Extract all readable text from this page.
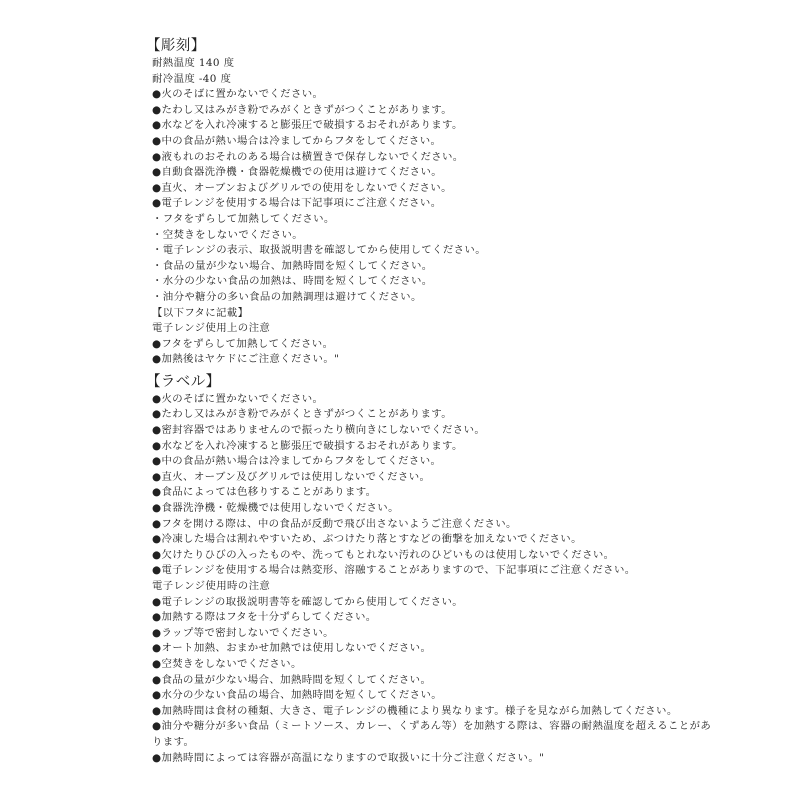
【彫刻】
耐熱温度 140 度
耐冷温度 -40 度
●火のそばに置かないでください。
●たわし又はみがき粉でみがくときずがつくことがあります。
●水などを入れ冷凍すると膨張圧で破損するおそれがあります。
●中の食品が熱い場合は冷ましてからフタをしてください。
●液もれのおそれのある場合は横置きで保存しないでください。
●自動食器洗浄機・食器乾燥機での使用は避けてください。
●直火、オーブンおよびグリルでの使用をしないでください。
●電子レンジを使用する場合は下記事項にご注意ください。
・フタをずらして加熱してください。
・空焚きをしないでください。
・電子レンジの表示、取扱説明書を確認してから使用してください。
・食品の量が少ない場合、加熱時間を短くしてください。
・水分の少ない食品の加熱は、時間を短くしてください。
・油分や糖分の多い食品の加熱調理は避けてください。
【以下フタに記載】
電子レンジ使用上の注意
●フタをずらして加熱してください。
●加熱後はヤケドにご注意ください。"
【ラベル】
●火のそばに置かないでください。
●たわし又はみがき粉でみがくときずがつくことがあります。
●密封容器ではありませんので振ったり横向きにしないでください。
●水などを入れ冷凍すると膨張圧で破損するおそれがあります。
●中の食品が熱い場合は冷ましてからフタをしてください。
●直火、オーブン及びグリルでは使用しないでください。
●食品によっては色移りすることがあります。
●食器洗浄機・乾燥機では使用しないでください。
●フタを開ける際は、中の食品が反動で飛び出さないようご注意ください。
●冷凍した場合は割れやすいため、ぶつけたり落とすなどの衝撃を加えないでください。
●欠けたりひびの入ったものや、洗ってもとれない汚れのひどいものは使用しないでください。
●電子レンジを使用する場合は熱変形、溶融することがありますので、下記事項にご注意ください。
電子レンジ使用時の注意
●電子レンジの取扱説明書等を確認してから使用してください。
●加熱する際はフタを十分ずらしてください。
●ラップ等で密封しないでください。
●オート加熱、おまかせ加熱では使用しないでください。
●空焚きをしないでください。
●食品の量が少ない場合、加熱時間を短くしてください。
●水分の少ない食品の場合、加熱時間を短くしてください。
●加熱時間は食材の種類、大きさ、電子レンジの機種により異なります。様子を見ながら加熱してください。
●油分や糖分が多い食品（ミートソース、カレー、くずあん等）を加熱する際は、容器の耐熱温度を超えることがあ
ります。
●加熱時間によっては容器が高温になりますので取扱いに十分ご注意ください。"
